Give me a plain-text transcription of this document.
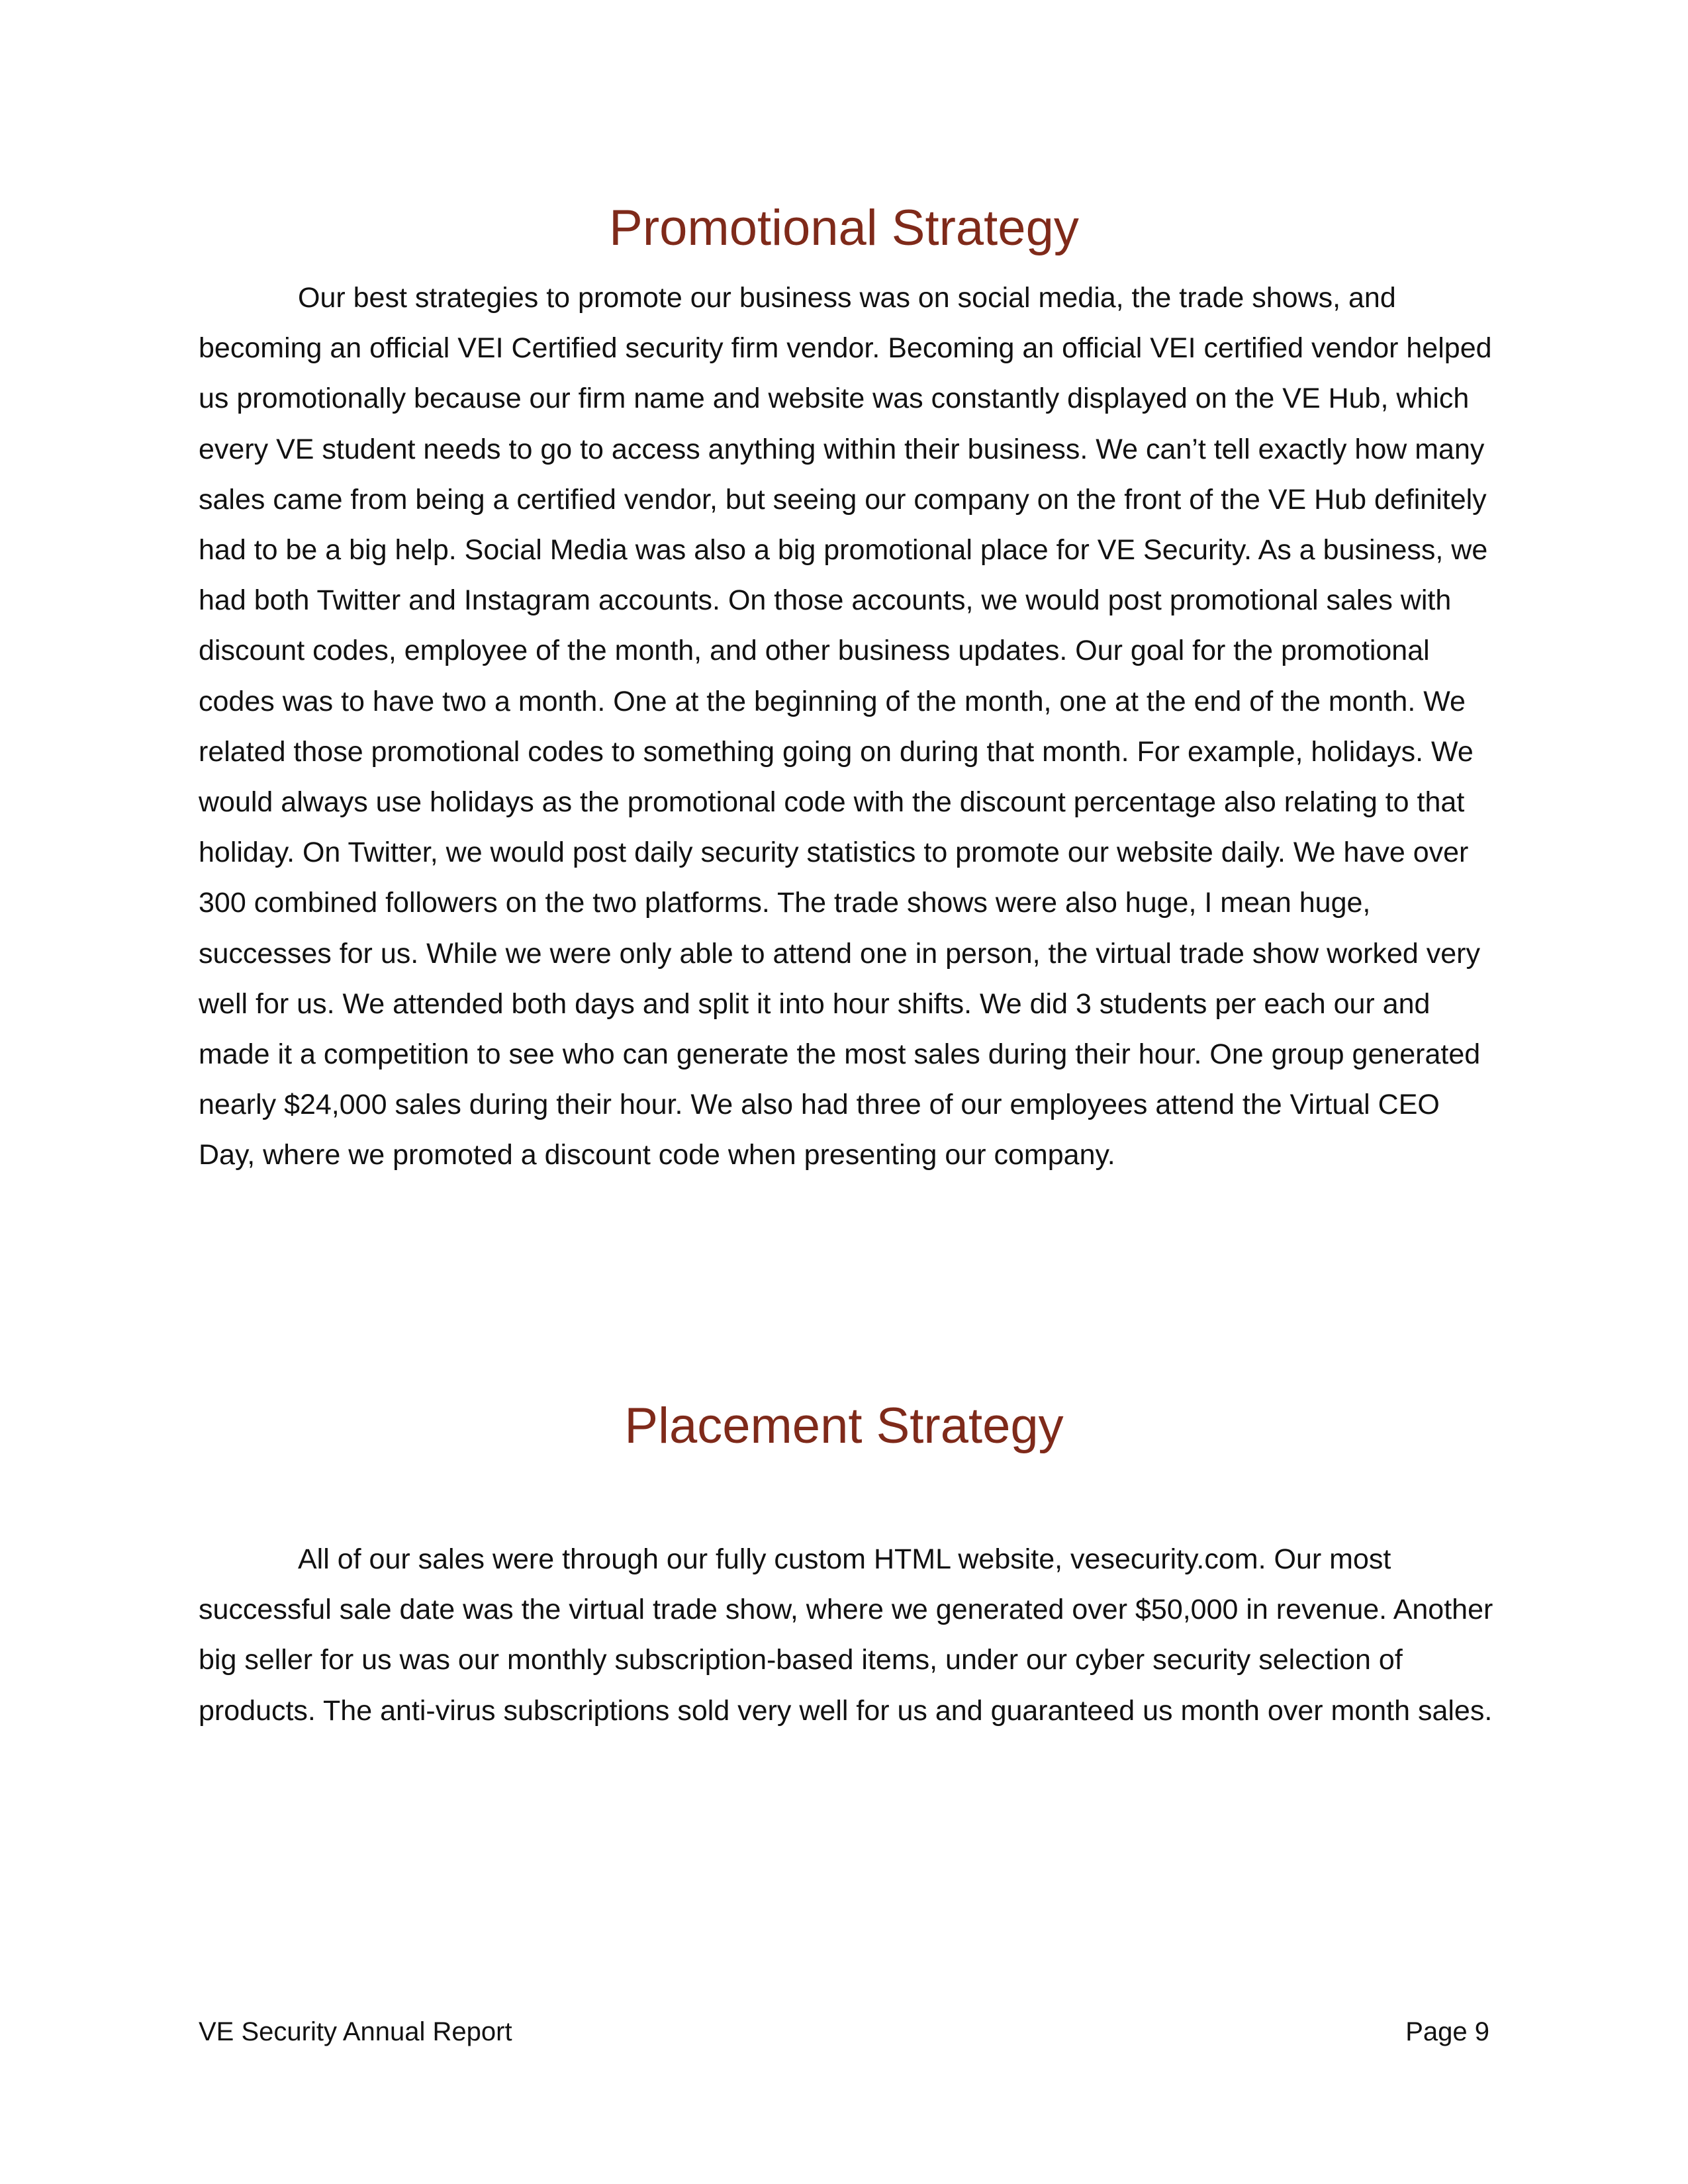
Promotional Strategy

Our best strategies to promote our business was on social media, the trade shows, and becoming an official VEI Certified security firm vendor. Becoming an official VEI certified vendor helped us promotionally because our firm name and website was constantly displayed on the VE Hub, which every VE student needs to go to access anything within their business. We can’t tell exactly how many sales came from being a certified vendor, but seeing our company on the front of the VE Hub definitely had to be a big help. Social Media was also a big promotional place for VE Security. As a business, we had both Twitter and Instagram accounts. On those accounts, we would post promotional sales with discount codes, employee of the month, and other business updates. Our goal for the promotional codes was to have two a month. One at the beginning of the month, one at the end of the month. We related those promotional codes to something going on during that month. For example, holidays. We would always use holidays as the promotional code with the discount percentage also relating to that holiday. On Twitter, we would post daily security statistics to promote our website daily. We have over 300 combined followers on the two platforms. The trade shows were also huge, I mean huge, successes for us. While we were only able to attend one in person, the virtual trade show worked very well for us. We attended both days and split it into hour shifts. We did 3 students per each our and made it a competition to see who can generate the most sales during their hour. One group generated nearly $24,000 sales during their hour. We also had three of our employees attend the Virtual CEO Day, where we promoted a discount code when presenting our company.

Placement Strategy

All of our sales were through our fully custom HTML website, vesecurity.com. Our most successful sale date was the virtual trade show, where we generated over $50,000 in revenue. Another big seller for us was our monthly subscription-based items, under our cyber security selection of products. The anti-virus subscriptions sold very well for us and guaranteed us month over month sales.

VE Security Annual Report	Page 9
